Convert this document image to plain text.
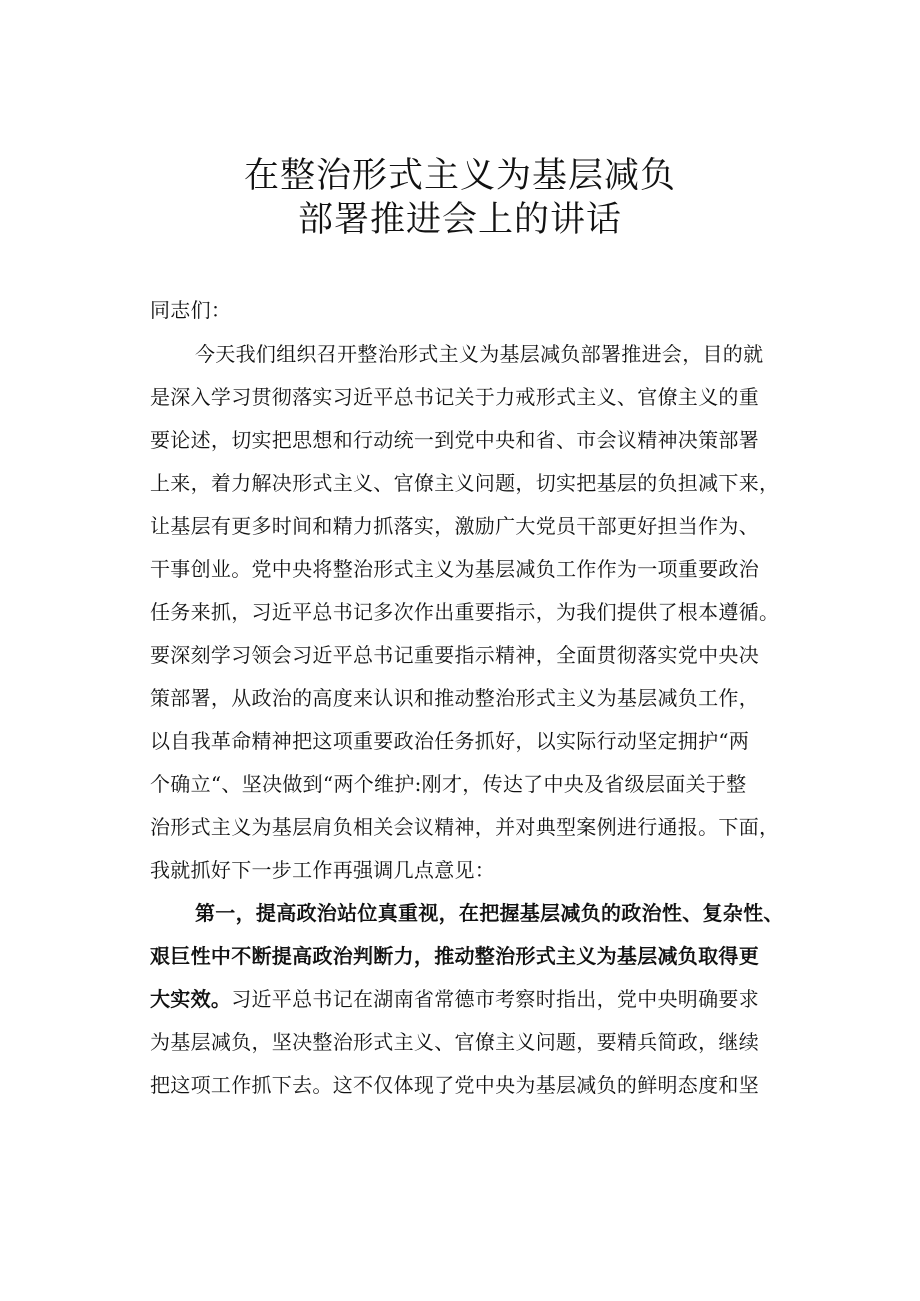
在整治形式主义为基层减负
部署推进会上的讲话
同志们：
今天我们组织召开整治形式主义为基层减负部署推进会，目的就
是深入学习贯彻落实习近平总书记关于力戒形式主义、官僚主义的重
要论述，切实把思想和行动统一到党中央和省、市会议精神决策部署
上来，着力解决形式主义、官僚主义问题，切实把基层的负担减下来，
让基层有更多时间和精力抓落实，激励广大党员干部更好担当作为、
干事创业。党中央将整治形式主义为基层减负工作作为一项重要政治
任务来抓，习近平总书记多次作出重要指示，为我们提供了根本遵循。
要深刻学习领会习近平总书记重要指示精神，全面贯彻落实党中央决
策部署，从政治的高度来认识和推动整治形式主义为基层减负工作，
以自我革命精神把这项重要政治任务抓好，以实际行动坚定拥护“两
个确立“、坚决做到“两个维护:刚才，传达了中央及省级层面关于整
治形式主义为基层肩负相关会议精神，并对典型案例进行通报。下面，
我就抓好下一步工作再强调几点意见：
第一，提高政治站位真重视，在把握基层减负的政治性、复杂性、
艰巨性中不断提高政治判断力，推动整治形式主义为基层减负取得更
大实效。习近平总书记在湖南省常德市考察时指出，党中央明确要求
为基层减负，坚决整治形式主义、官僚主义问题，要精兵简政，继续
把这项工作抓下去。这不仅体现了党中央为基层减负的鲜明态度和坚
